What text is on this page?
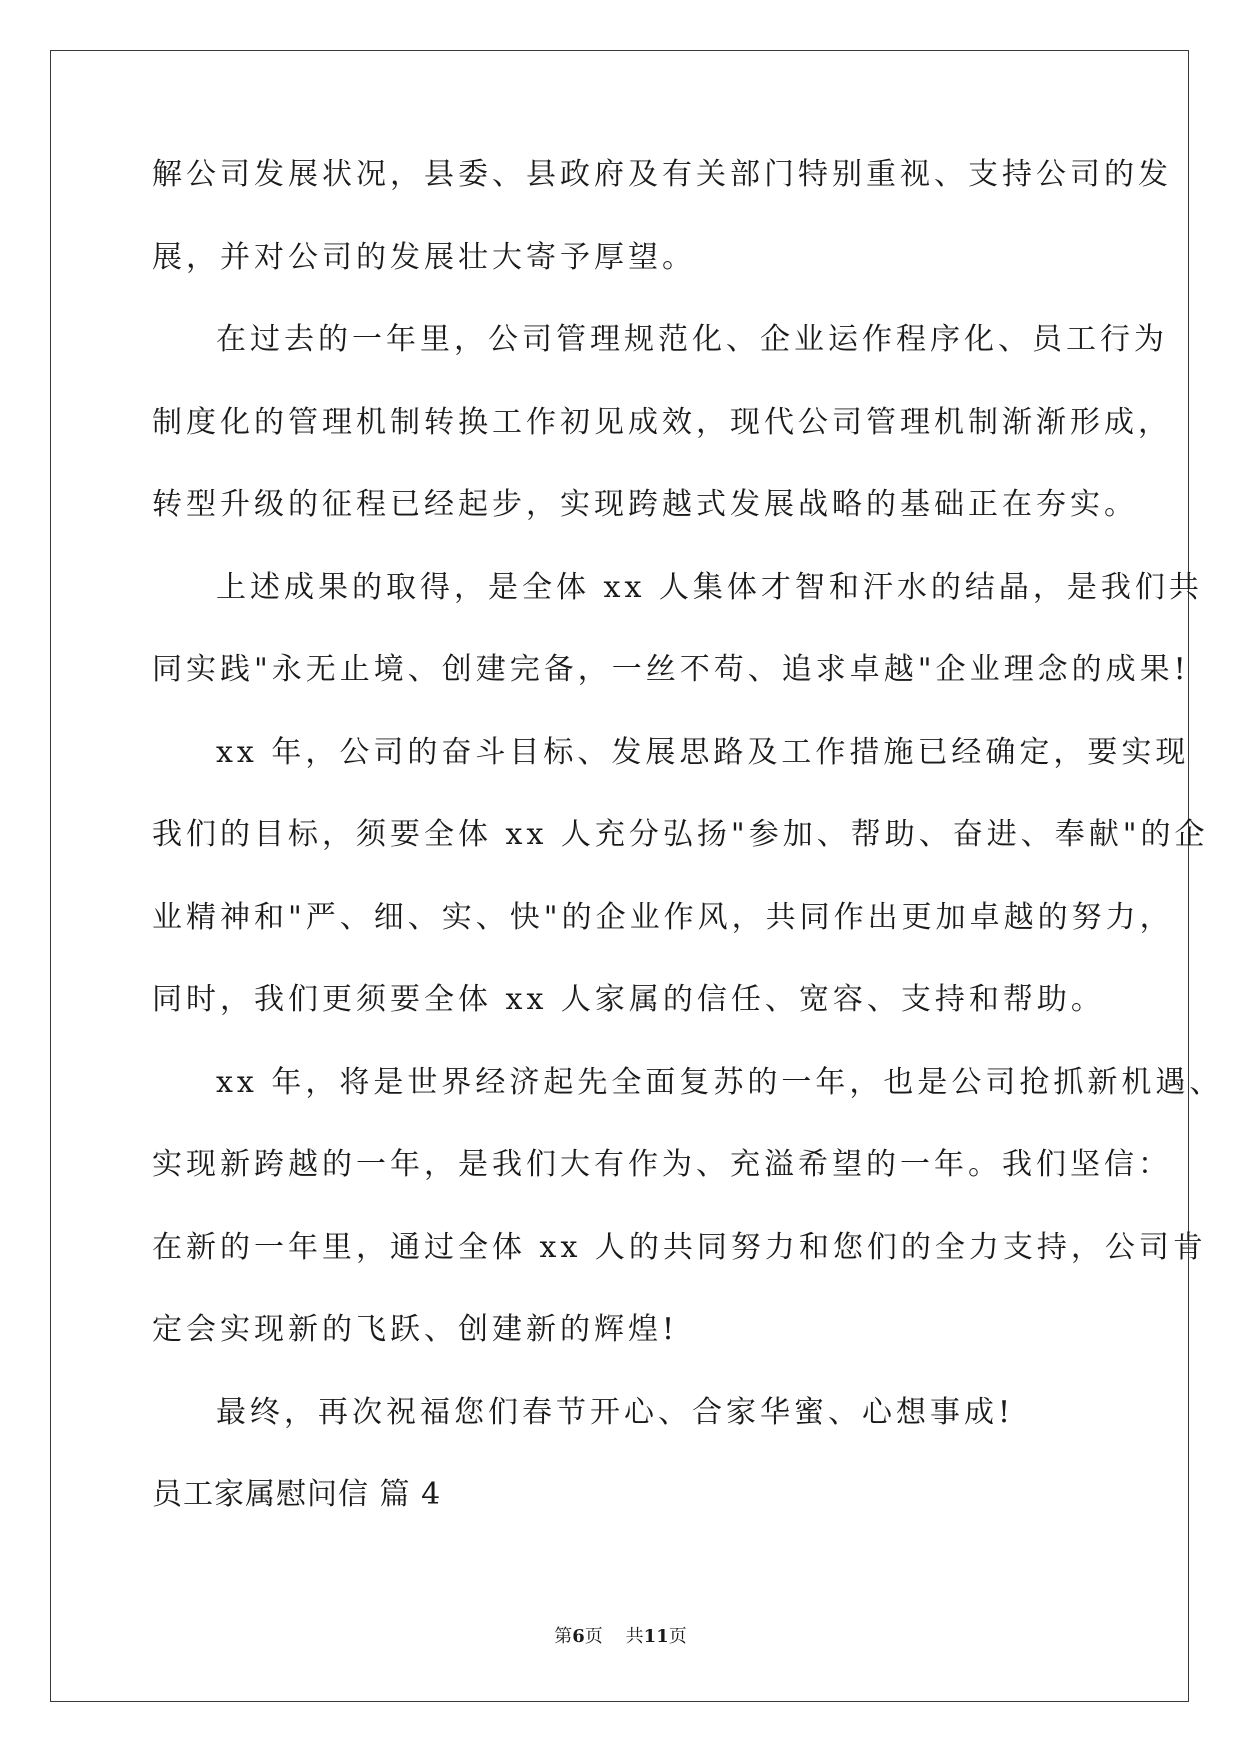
解公司发展状况，县委、县政府及有关部门特别重视、支持公司的发
展，并对公司的发展壮大寄予厚望。
在过去的一年里，公司管理规范化、企业运作程序化、员工行为
制度化的管理机制转换工作初见成效，现代公司管理机制渐渐形成，
转型升级的征程已经起步，实现跨越式发展战略的基础正在夯实。
上述成果的取得，是全体 xx 人集体才智和汗水的结晶，是我们共
同实践"永无止境、创建完备，一丝不苟、追求卓越"企业理念的成果!
xx 年，公司的奋斗目标、发展思路及工作措施已经确定，要实现
我们的目标，须要全体 xx 人充分弘扬"参加、帮助、奋进、奉献"的企
业精神和"严、细、实、快"的企业作风，共同作出更加卓越的努力，
同时，我们更须要全体 xx 人家属的信任、宽容、支持和帮助。
xx 年，将是世界经济起先全面复苏的一年，也是公司抢抓新机遇、
实现新跨越的一年，是我们大有作为、充溢希望的一年。我们坚信：
在新的一年里，通过全体 xx 人的共同努力和您们的全力支持，公司肯
定会实现新的飞跃、创建新的辉煌!
最终，再次祝福您们春节开心、合家华蜜、心想事成!
员工家属慰问信 篇 4
第6页 共11页
